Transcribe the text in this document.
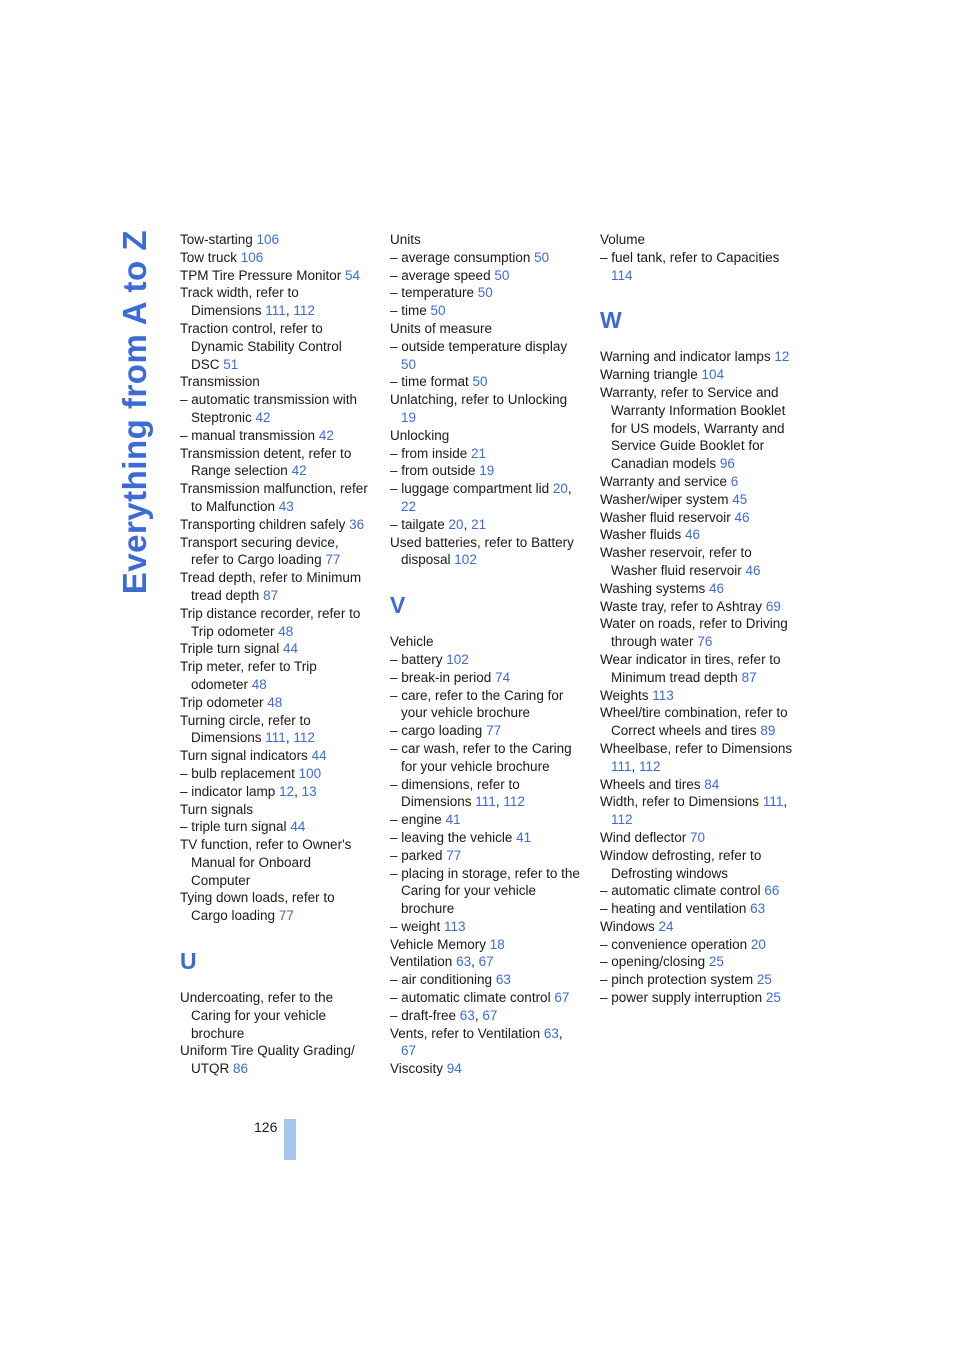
Everything from A to Z Tow-starting 106
Tow truck 106
TPM Tire Pressure Monitor 54
Track width, refer to Dimensions 111, 112
Traction control, refer to Dynamic Stability Control DSC 51
Transmission
– automatic transmission with Steptronic 42
– manual transmission 42
Transmission detent, refer to Range selection 42
Transmission malfunction, refer to Malfunction 43
Transporting children safely 36
Transport securing device, refer to Cargo loading 77
Tread depth, refer to Minimum tread depth 87
Trip distance recorder, refer to Trip odometer 48
Triple turn signal 44
Trip meter, refer to Trip odometer 48
Trip odometer 48
Turning circle, refer to Dimensions 111, 112
Turn signal indicators 44
– bulb replacement 100
– indicator lamp 12, 13
Turn signals
– triple turn signal 44
TV function, refer to Owner's Manual for Onboard Computer
Tying down loads, refer to Cargo loading 77
U
Undercoating, refer to the Caring for your vehicle brochure
Uniform Tire Quality Grading/ UTQR 86
Units
– average consumption 50
– average speed 50
– temperature 50
– time 50
Units of measure
– outside temperature display 50
– time format 50
Unlatching, refer to Unlocking 19
Unlocking
– from inside 21
– from outside 19
– luggage compartment lid 20, 22
– tailgate 20, 21
Used batteries, refer to Battery disposal 102
V
Vehicle
– battery 102
– break-in period 74
– care, refer to the Caring for your vehicle brochure
– cargo loading 77
– car wash, refer to the Caring for your vehicle brochure
– dimensions, refer to Dimensions 111, 112
– engine 41
– leaving the vehicle 41
– parked 77
– placing in storage, refer to the Caring for your vehicle brochure
– weight 113
Vehicle Memory 18
Ventilation 63, 67
– air conditioning 63
– automatic climate control 67
– draft-free 63, 67
Vents, refer to Ventilation 63, 67
Viscosity 94
Volume
– fuel tank, refer to Capacities 114
W
Warning and indicator lamps 12
Warning triangle 104
Warranty, refer to Service and Warranty Information Booklet for US models, Warranty and Service Guide Booklet for Canadian models 96
Warranty and service 6
Washer/wiper system 45
Washer fluid reservoir 46
Washer fluids 46
Washer reservoir, refer to Washer fluid reservoir 46
Washing systems 46
Waste tray, refer to Ashtray 69
Water on roads, refer to Driving through water 76
Wear indicator in tires, refer to Minimum tread depth 87
Weights 113
Wheel/tire combination, refer to Correct wheels and tires 89
Wheelbase, refer to Dimensions 111, 112
Wheels and tires 84
Width, refer to Dimensions 111, 112
Wind deflector 70
Window defrosting, refer to Defrosting windows
– automatic climate control 66
– heating and ventilation 63
Windows 24
– convenience operation 20
– opening/closing 25
– pinch protection system 25
– power supply interruption 25
126
